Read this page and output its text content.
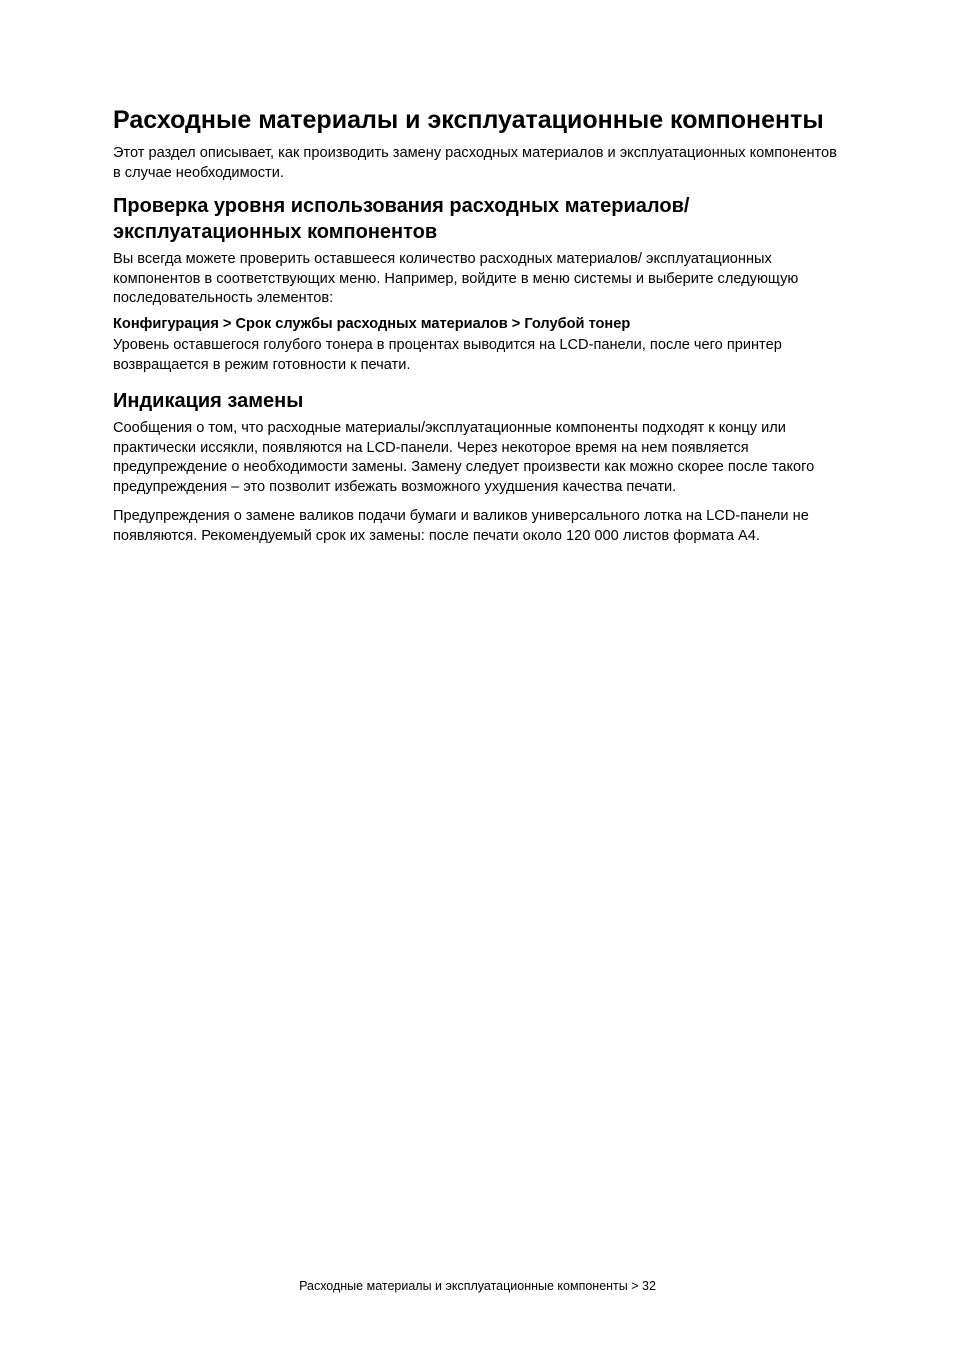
Расходные материалы и эксплуатационные компоненты

Этот раздел описывает, как производить замену расходных материалов и эксплуатационных компонентов в случае необходимости.

Проверка уровня использования расходных материалов/ эксплуатационных компонентов

Вы всегда можете проверить оставшееся количество расходных материалов/ эксплуатационных компонентов в соответствующих меню. Например, войдите в меню системы и выберите следующую последовательность элементов:

Конфигурация > Срок службы расходных материалов > Голубой тонер

Уровень оставшегося голубого тонера в процентах выводится на LCD-панели, после чего принтер возвращается в режим готовности к печати.

Индикация замены

Сообщения о том, что расходные материалы/эксплуатационные компоненты подходят к концу или практически иссякли, появляются на LCD-панели. Через некоторое время на нем появляется предупреждение о необходимости замены. Замену следует произвести как можно скорее после такого предупреждения – это позволит избежать возможного ухудшения качества печати.

Предупреждения о замене валиков подачи бумаги и валиков универсального лотка на LCD-панели не появляются. Рекомендуемый срок их замены: после печати около 120 000 листов формата А4.

Расходные материалы и эксплуатационные компоненты > 32
